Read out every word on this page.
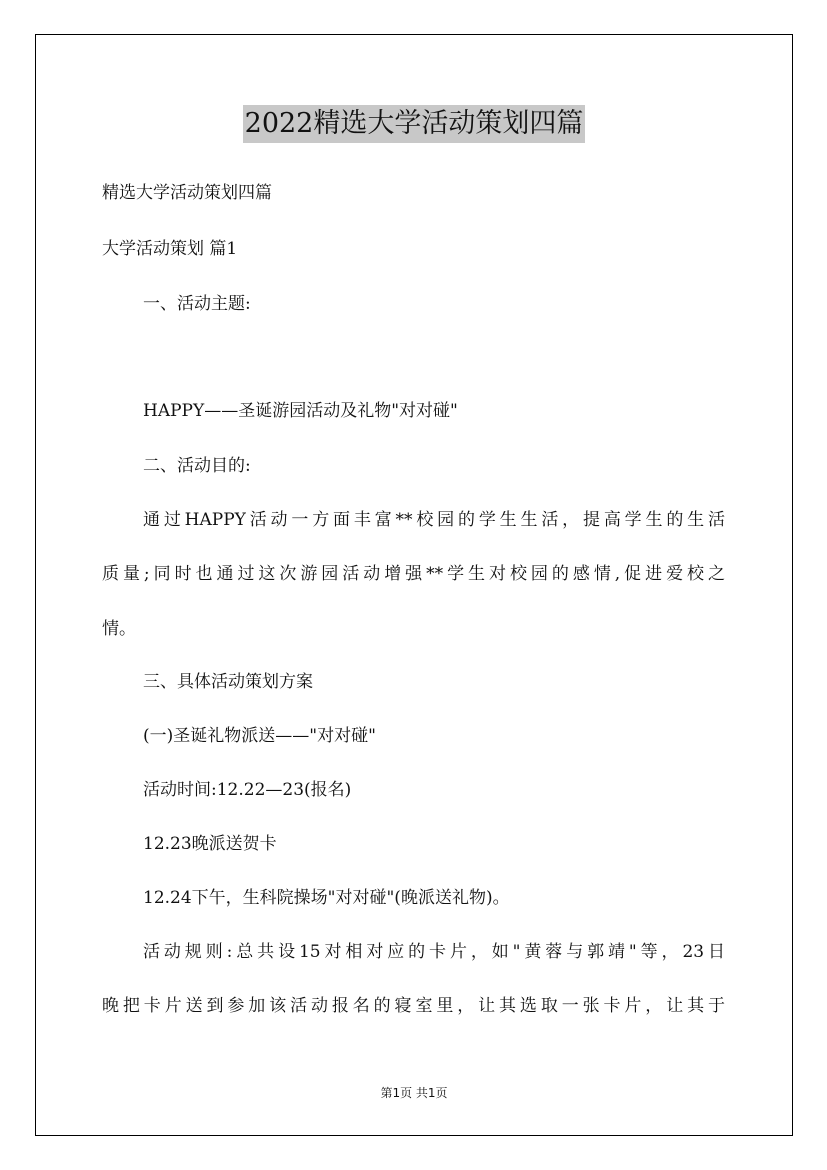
2022精选大学活动策划四篇
精选大学活动策划四篇
大学活动策划 篇1
一、活动主题:
HAPPY——圣诞游园活动及礼物"对对碰"
二、活动目的:
通过HAPPY活动一方面丰富**校园的学生生活，提高学生的生活
质量;同时也通过这次游园活动增强**学生对校园的感情,促进爱校之
情。
三、具体活动策划方案
(一)圣诞礼物派送——"对对碰"
活动时间:12.22—23(报名)
12.23晚派送贺卡
12.24下午，生科院操场"对对碰"(晚派送礼物)。
活动规则:总共设15对相对应的卡片，如"黄蓉与郭靖"等，23日
晚把卡片送到参加该活动报名的寝室里，让其选取一张卡片，让其于
第1页 共1页
